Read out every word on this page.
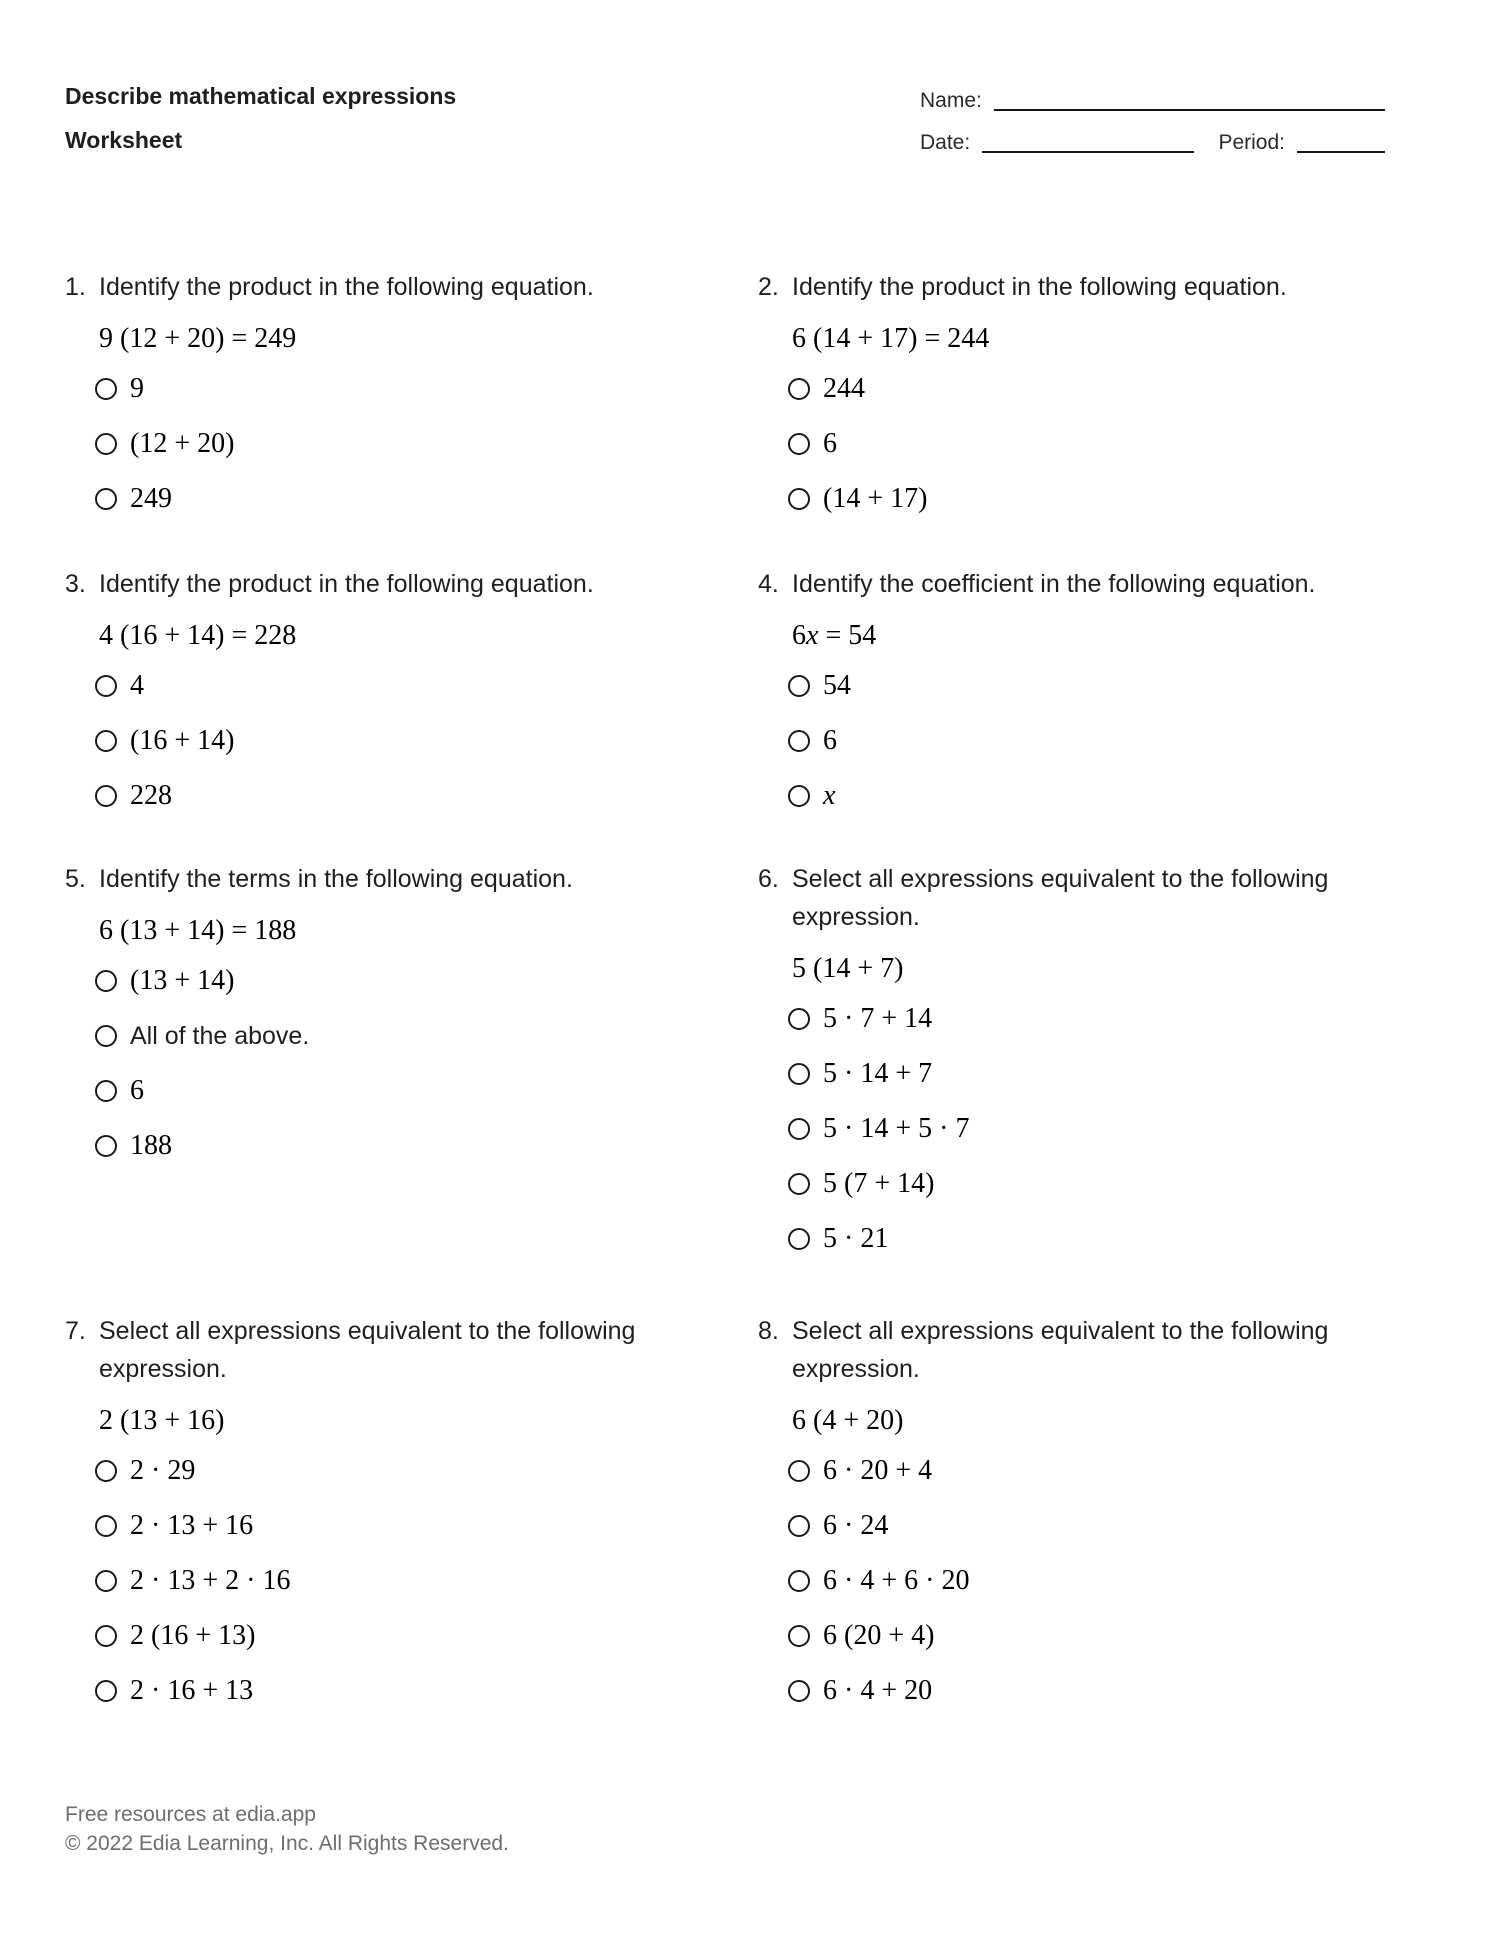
Describe mathematical expressions
Worksheet
Name:
Date:	Period:
1. Identify the product in the following equation.
9 (12 + 20) = 249
9
(12 + 20)
249
2. Identify the product in the following equation.
6 (14 + 17) = 244
244
6
(14 + 17)
3. Identify the product in the following equation.
4 (16 + 14) = 228
4
(16 + 14)
228
4. Identify the coefficient in the following equation.
6x = 54
54
6
x
5. Identify the terms in the following equation.
6 (13 + 14) = 188
(13 + 14)
All of the above.
6
188
6. Select all expressions equivalent to the following expression.
5 (14 + 7)
5 · 7 + 14
5 · 14 + 7
5 · 14 + 5 · 7
5 (7 + 14)
5 · 21
7. Select all expressions equivalent to the following expression.
2 (13 + 16)
2 · 29
2 · 13 + 16
2 · 13 + 2 · 16
2 (16 + 13)
2 · 16 + 13
8. Select all expressions equivalent to the following expression.
6 (4 + 20)
6 · 20 + 4
6 · 24
6 · 4 + 6 · 20
6 (20 + 4)
6 · 4 + 20
Free resources at edia.app
© 2022 Edia Learning, Inc. All Rights Reserved.
